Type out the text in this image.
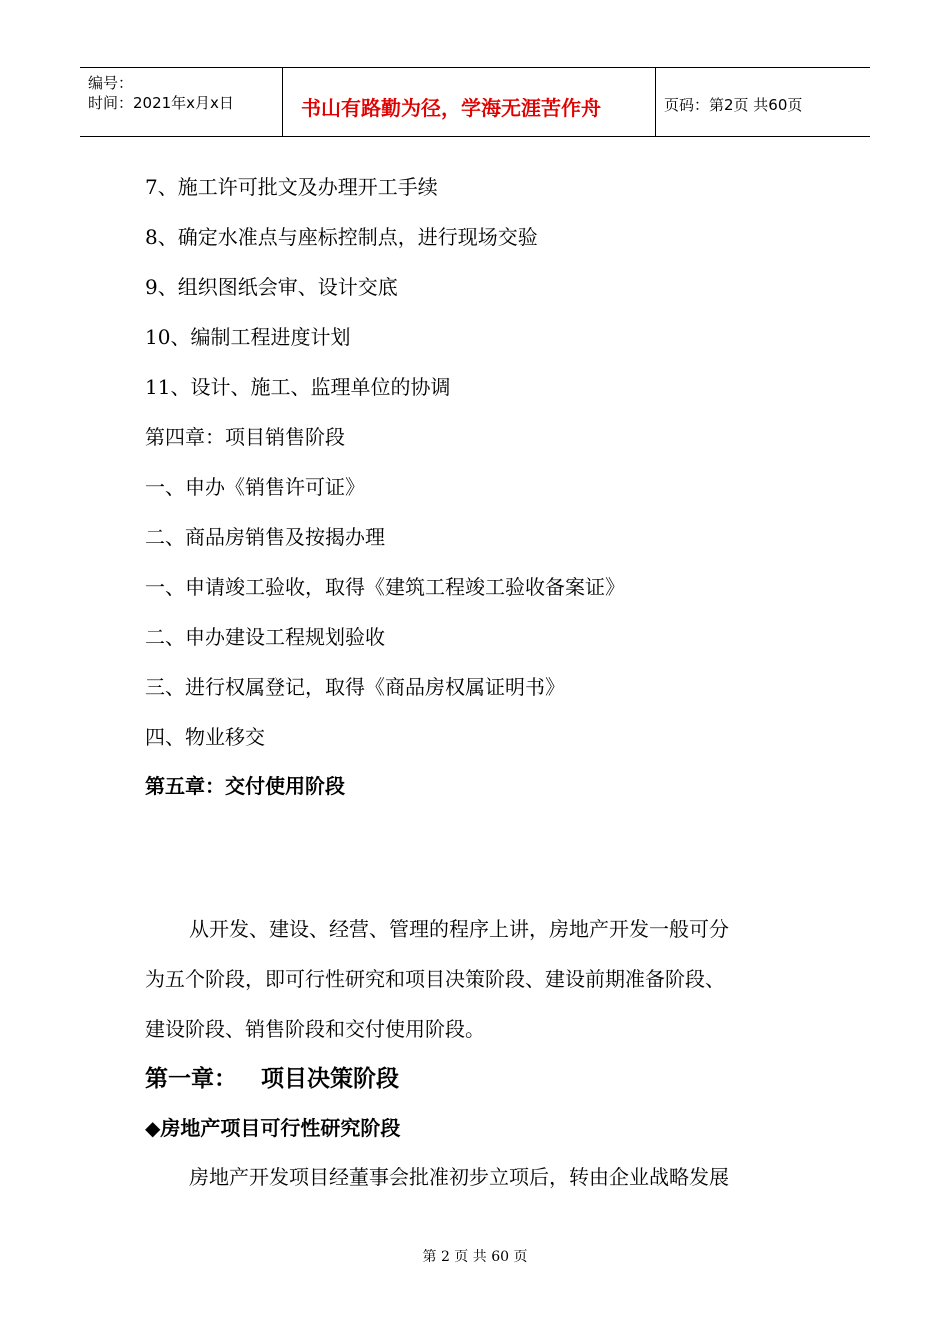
编号：
时间：2021年x月x日	书山有路勤为径，学海无涯苦作舟	页码：第2页 共60页
7、施工许可批文及办理开工手续
8、确定水准点与座标控制点，进行现场交验
9、组织图纸会审、设计交底
10、编制工程进度计划
11、设计、施工、监理单位的协调
第四章：项目销售阶段
一、申办《销售许可证》
二、商品房销售及按揭办理
一、申请竣工验收，取得《建筑工程竣工验收备案证》
二、申办建设工程规划验收
三、进行权属登记，取得《商品房权属证明书》
四、物业移交
第五章：交付使用阶段
从开发、建设、经营、管理的程序上讲，房地产开发一般可分
为五个阶段，即可行性研究和项目决策阶段、建设前期准备阶段、
建设阶段、销售阶段和交付使用阶段。
第一章： 项目决策阶段
◆房地产项目可行性研究阶段
房地产开发项目经董事会批准初步立项后，转由企业战略发展
第 2 页 共 60 页
